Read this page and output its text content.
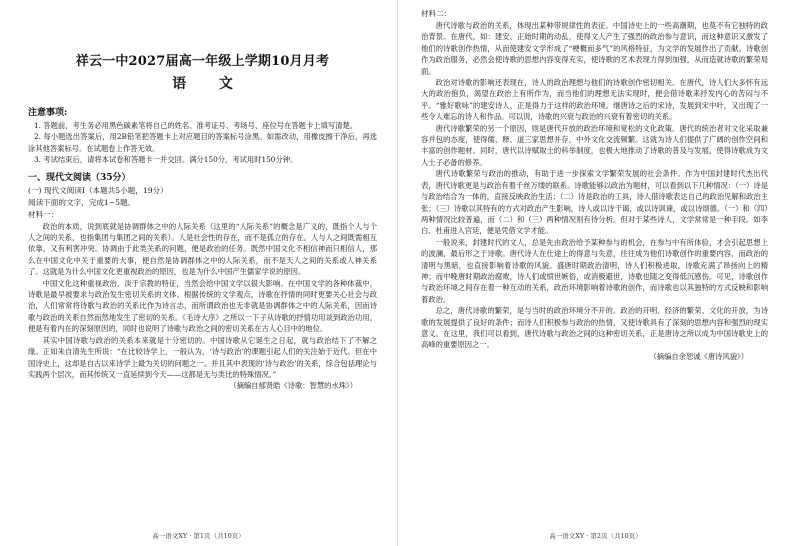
祥云一中2027届高一年级上学期10月月考
语 文
注意事项:

1. 答题前，考生务必用黑色碳素笔将自己的姓名、准考证号、考场号、座位号在答题卡上填写清楚。

2. 每小题选出答案后，用2B铅笔把答题卡上对应题目的答案标号涂黑。如需改动，用橡皮擦干净后，再选涂其他答案标号。在试题卷上作答无效。

3. 考试结束后，请将本试卷和答题卡一并交回。满分150分，考试用时150分钟。

一、现代文阅读（35分）

(一) 现代文阅读Ⅰ（本题共5小题，19分）

阅读下面的文字，完成1~5题。

材料一：

政治的本质，说到底就是协调群体之中的人际关系（这里的“人际关系”的概念是广义的，既指个人与个人之间的关系，也指集团与集团之间的关系）。人是社会性的存在，而不是孤立的存在。人与人之间既需相互依靠，又有利害冲突。协调由于此类关系的问题，便是政治的任务。既然中国文化不相信神而只相信人，那么在中国文化中关于重要的大事，便自然是协调群体之中的人际关系，而不是天人之间的关系或人神关系了。这就是为什么中国文化更重视政治的原因，也是为什么中国产生儒家学说的原因。

中国文化这种重视政治、淡于宗教的特征，当然会给中国文学以很大影响。在中国文学的各种体裁中，诗歌是最早被要求与政治发生密切关系的文体。根据传统的文学观点，诗歌在抒情的同时更要关心社会与政治，人们常常将诗歌与政治的关系比作为诗言志，而所谓政治也无非就是协调群体之中的人际关系，因而诗歌与政治的关系自然而然地发生了密切的关系。《毛诗大序》之所以一下子从诗歌的抒情功用谈到政治功用，便是有着内在的深刻原因的，同时也说明了诗歌与政治之间的密切关系在古人心目中的地位。

其实中国诗歌与政治的关系本来就是十分密切的。中国诗歌从它诞生之日起，就与政治结下了不解之缘。正如朱自清先生所说：“在比较诗学上，一般认为，‘诗与政治’的课题引起人们的关注始于近代。但在中国诗史上，这却是自古以来诗学上最为关切的问题之一。并且其中表现的‘诗与政治’的关系，综合包括理论与实践两个层次，而其传统又一直延续到今天——这都是无与类比的特殊情况。”

（摘编自郁贤皓《诗歌：智慧的水珠》）

高一语文XY · 第1页（共10页）

材料二：

唐代诗歌与政治的关系，体现出某种带规律性的表征。中国诗史上的一些高潮期，也莫不有它独特的政治背景。在唐代，如：建安、正始时期的动乱，使得文人产生了强烈的政治参与意识，而这种意识又激发了他们的诗歌创作热情，从而使建安文学形成了“梗概而多气”的风格特征，为文学的发展作出了贡献。诗歌创作为政治服务，必然会使诗歌的思想内容变得充实，使诗歌的艺术表现力得到加强，从而造就诗歌的繁荣局面。

政治对诗歌的影响还表现在，诗人的政治理想与他们的诗歌创作密切相关。在唐代，诗人们大多怀有远大的政治抱负，渴望在政治上有所作为，而当他们的理想无法实现时，便会借诗歌来抒发内心的苦闷与不平。“雅好歌咏”的建安诗人，正是得力于这样的政治环境。继唐诗之后的宋诗，发展到宋中叶，又出现了一些令人难忘的诗人和作品。可以说，诗歌的兴衰与政治的兴衰有着密切的关系。

唐代诗歌繁荣的另一个原因，则是唐代开放的政治环境和宽松的文化政策。唐代的统治者对文化采取兼容并包的态度，使得儒、释、道三家思想并存，中外文化交流频繁。这就为诗人们提供了广阔的创作空间和丰富的创作题材。同时，唐代以诗赋取士的科举制度，也极大地推动了诗歌的普及与发展，使得诗歌成为文人士子必备的修养。

唐代诗歌繁荣与政治的推动，有助于进一步探索文学繁荣发展的社会条件。作为中国封建时代杰出代表，唐代诗歌更是与政治有着千丝万缕的联系。诗歌能够以政治为题材，可以看到以下几种情况：（一）诗是与政治结合为一体的，直接反映政治生活；（二）诗是政治的工具，诗人借诗歌表达自己的政治见解和政治主张；（三）诗歌以其特有的方式对政治产生影响，诗人或以诗干谒，或以诗讽谏，或以诗颂德。（一）和（四）两种情况比较普遍，而（二）和（三）两种情况则有待分析。但对于某些诗人，文学常常是一种手段。如李白、杜甫进入宫廷，便是凭借文学才能。

一般说来，封建时代的文人，总是先由政治给予某种参与的机会，在参与中有所体验，才会引起思想上的波澜，最后形之于诗歌。唐代诗人在仕途上的得意与失意，往往成为他们诗歌创作的重要内容，而政治的清明与黑暗，也直接影响着诗歌的风貌。盛唐时期政治清明，诗人们积极进取，诗歌充满了昂扬向上的精神；而中晚唐时期政治腐败，诗人们或愤世嫉俗，或消极避世，诗歌也随之变得低沉感伤。可见，诗歌创作与政治环境之间存在着一种互动的关系，政治环境影响着诗歌的创作，而诗歌也以其独特的方式反映和影响着政治。

总之，唐代诗歌的繁荣，是与当时的政治环境分不开的。政治的开明、经济的繁荣、文化的开放，为诗歌的发展提供了良好的条件；而诗人们积极参与政治的热情，又使诗歌具有了深刻的思想内容和强烈的现实意义。在这里，我们可以看到，唐代诗歌与政治之间的这种密切关系，正是唐诗之所以成为中国诗歌史上的高峰的重要原因之一。

（摘编自余恕诚《唐诗风貌》）

高一语文XY · 第2页（共10页）
